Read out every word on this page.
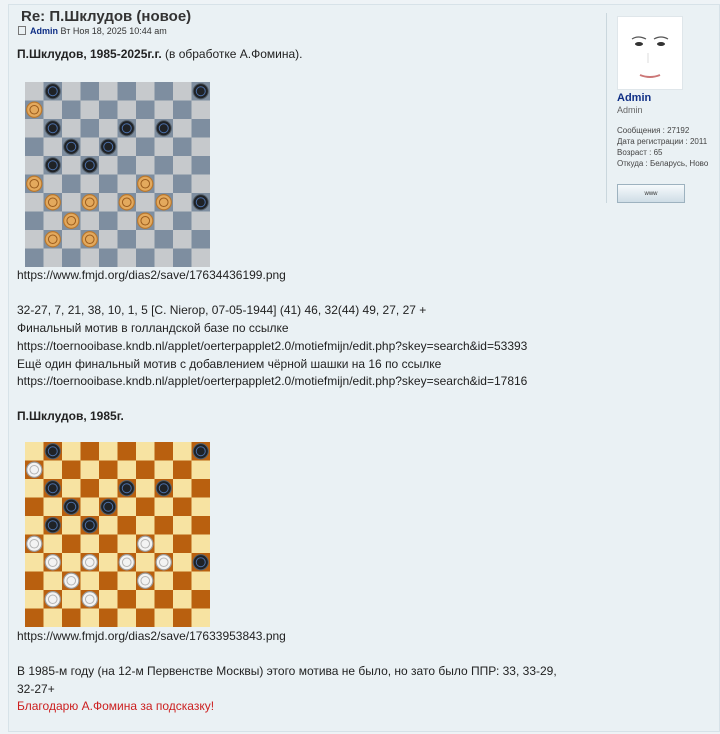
Re: П.Шклудов (новое)
Admin Вт Ноя 18, 2025 10:44 am
П.Шклудов, 1985-2025г.г. (в обработке А.Фомина).
https://www.fmjd.org/dias2/save/17634436199.png
32-27, 7, 21, 38, 10, 1, 5 [C. Nierop, 07-05-1944] (41) 46, 32(44) 49, 27, 27 +
Финальный мотив в голландской базе по ссылке
https://toernooibase.kndb.nl/applet/oerterpapplet2.0/motiefmijn/edit.php?skey=search&id=53393
Ещё один финальный мотив с добавлением чёрной шашки на 16 по ссылке
https://toernooibase.kndb.nl/applet/oerterpapplet2.0/motiefmijn/edit.php?skey=search&id=17816
П.Шклудов, 1985г.
https://www.fmjd.org/dias2/save/17633953843.png
В 1985-м году (на 12-м Первенстве Москвы) этого мотива не было, но зато было ППР: 33, 33-29,
32-27+
Благодарю А.Фомина за подсказку!
Admin
Admin
Сообщения : 27192
Дата регистрации : 2011
Возраст : 65
Откуда : Беларусь, Ново
www
